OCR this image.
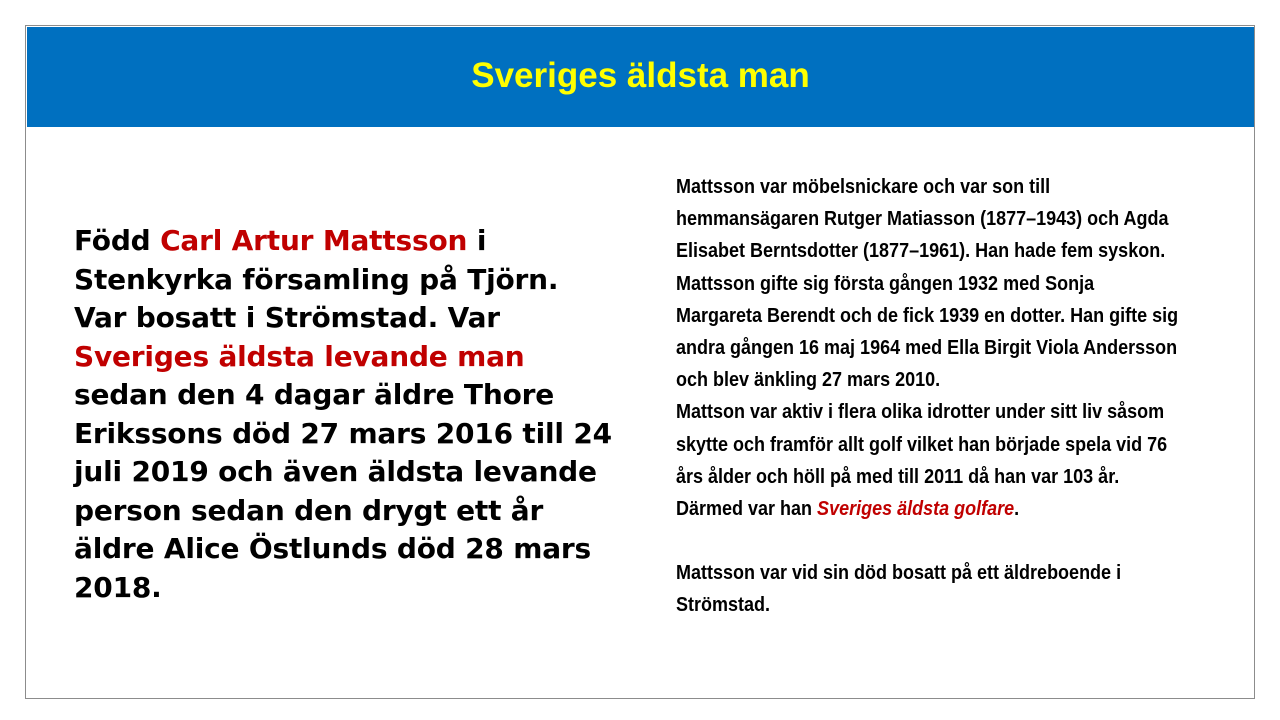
Sveriges äldsta man

Född Carl Artur Mattsson i Stenkyrka församling på Tjörn. Var bosatt i Strömstad. Var Sveriges äldsta levande man sedan den 4 dagar äldre Thore Erikssons död 27 mars 2016 till 24 juli 2019 och även äldsta levande person sedan den drygt ett år äldre Alice Östlunds död 28 mars 2018.

Mattsson var möbelsnickare och var son till hemmansägaren Rutger Matiasson (1877–1943) och Agda Elisabet Berntsdotter (1877–1961). Han hade fem syskon. Mattsson gifte sig första gången 1932 med Sonja Margareta Berendt och de fick 1939 en dotter. Han gifte sig andra gången 16 maj 1964 med Ella Birgit Viola Andersson och blev änkling 27 mars 2010.

Mattson var aktiv i flera olika idrotter under sitt liv såsom skytte och framför allt golf vilket han började spela vid 76 års ålder och höll på med till 2011 då han var 103 år. Därmed var han Sveriges äldsta golfare.

Mattsson var vid sin död bosatt på ett äldreboende i Strömstad.
